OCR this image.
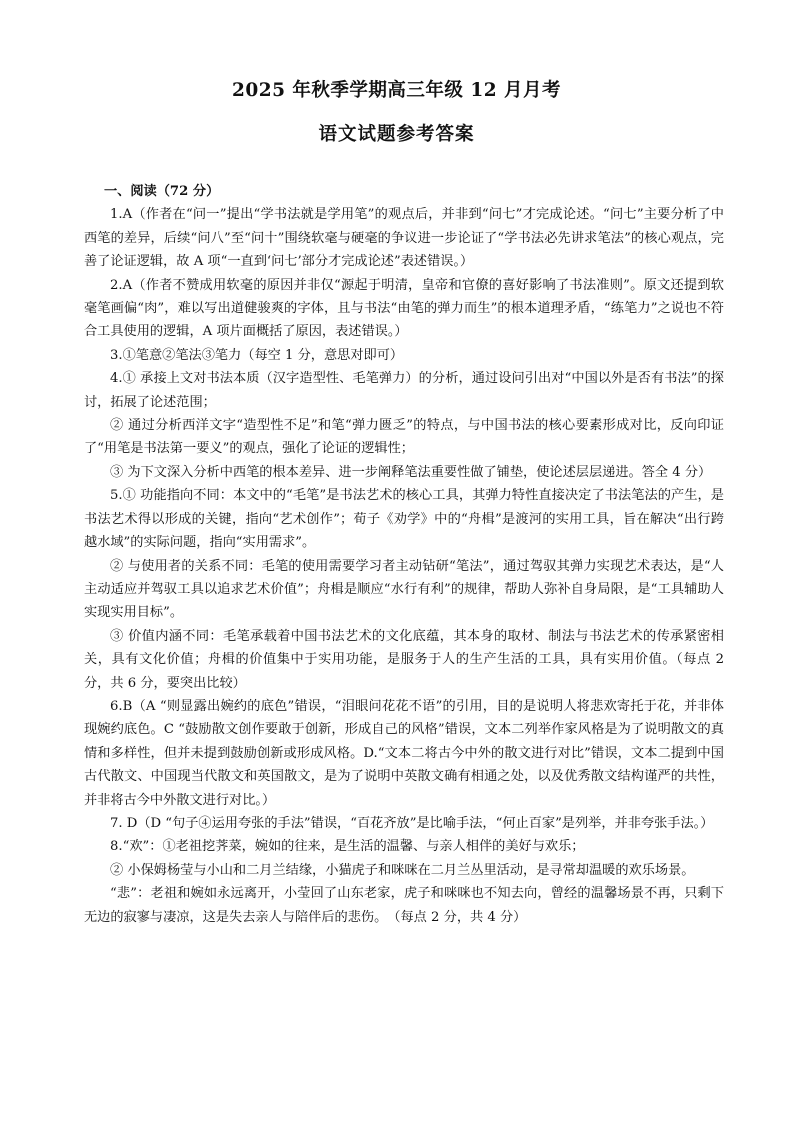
2025 年秋季学期高三年级 12 月月考
语文试题参考答案

一、阅读（72 分）

1.A（作者在“问一”提出“学书法就是学用笔”的观点后，并非到“问七”才完成论述。“问七”主要分析了中西笔的差异，后续“问八”至“问十”围绕软毫与硬毫的争议进一步论证了“学书法必先讲求笔法”的核心观点，完善了论证逻辑，故 A 项“一直到‘问七’部分才完成论述”表述错误。）

2.A（作者不赞成用软毫的原因并非仅“源起于明清，皇帝和官僚的喜好影响了书法准则”。原文还提到软毫笔画偏“肉”，难以写出道健骏爽的字体，且与书法“由笔的弹力而生”的根本道理矛盾，“练笔力”之说也不符合工具使用的逻辑，A 项片面概括了原因，表述错误。）

3.①笔意②笔法③笔力（每空 1 分，意思对即可）

4.① 承接上文对书法本质（汉字造型性、毛笔弹力）的分析，通过设问引出对“中国以外是否有书法”的探讨，拓展了论述范围；

② 通过分析西洋文字“造型性不足”和笔“弹力匮乏”的特点，与中国书法的核心要素形成对比，反向印证了“用笔是书法第一要义”的观点，强化了论证的逻辑性；

③ 为下文深入分析中西笔的根本差异、进一步阐释笔法重要性做了铺垫，使论述层层递进。答全 4 分）

5.① 功能指向不同：本文中的“毛笔”是书法艺术的核心工具，其弹力特性直接决定了书法笔法的产生，是书法艺术得以形成的关键，指向“艺术创作”；荀子《劝学》中的“舟楫”是渡河的实用工具，旨在解决“出行跨越水域”的实际问题，指向“实用需求”。

② 与使用者的关系不同：毛笔的使用需要学习者主动钻研“笔法”，通过驾驭其弹力实现艺术表达，是“人主动适应并驾驭工具以追求艺术价值”；舟楫是顺应“水行有利”的规律，帮助人弥补自身局限，是“工具辅助人实现实用目标”。

③ 价值内涵不同：毛笔承载着中国书法艺术的文化底蕴，其本身的取材、制法与书法艺术的传承紧密相关，具有文化价值；舟楫的价值集中于实用功能，是服务于人的生产生活的工具，具有实用价值。（每点 2 分，共 6 分，要突出比较）

6.B（A “则显露出婉约的底色”错误，“泪眼问花花不语”的引用，目的是说明人将悲欢寄托于花，并非体现婉约底色。C “鼓励散文创作要敢于创新，形成自己的风格”错误，文本二列举作家风格是为了说明散文的真情和多样性，但并未提到鼓励创新或形成风格。D.“文本二将古今中外的散文进行对比”错误，文本二提到中国古代散文、中国现当代散文和英国散文，是为了说明中英散文确有相通之处，以及优秀散文结构谨严的共性，并非将古今中外散文进行对比。）

7. D（D “句子④运用夸张的手法”错误，“百花齐放”是比喻手法，“何止百家”是列举，并非夸张手法。）

8.“欢”：①老祖挖荠菜，婉如的往来，是生活的温馨、与亲人相伴的美好与欢乐；

② 小保姆杨莹与小山和二月兰结缘，小猫虎子和咪咪在二月兰丛里活动，是寻常却温暖的欢乐场景。

“悲”：老祖和婉如永远离开，小莹回了山东老家，虎子和咪咪也不知去向，曾经的温馨场景不再，只剩下无边的寂寥与凄凉，这是失去亲人与陪伴后的悲伤。　（每点 2 分，共 4 分）
